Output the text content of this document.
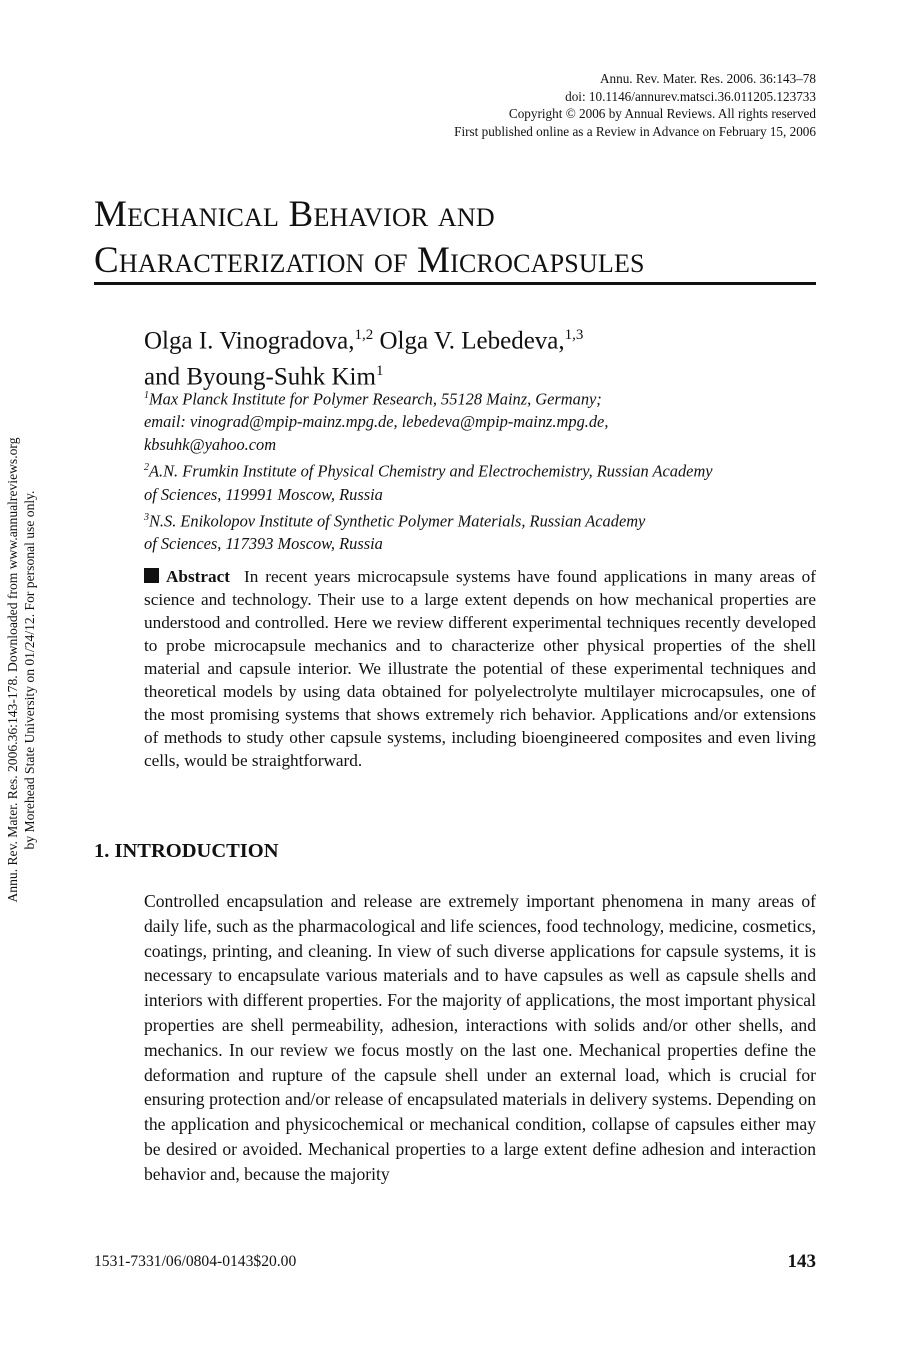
Annu. Rev. Mater. Res. 2006. 36:143–78
doi: 10.1146/annurev.matsci.36.011205.123733
Copyright © 2006 by Annual Reviews. All rights reserved
First published online as a Review in Advance on February 15, 2006
Mechanical Behavior and
Characterization of Microcapsules
Olga I. Vinogradova,$^{1,2}$ Olga V. Lebedeva,$^{1,3}$
and Byoung-Suhk Kim$^1$
$^1$Max Planck Institute for Polymer Research, 55128 Mainz, Germany;
email: vinograd@mpip-mainz.mpg.de, lebedeva@mpip-mainz.mpg.de,
kbsuhk@yahoo.com
$^2$A.N. Frumkin Institute of Physical Chemistry and Electrochemistry, Russian Academy
of Sciences, 119991 Moscow, Russia
$^3$N.S. Enikolopov Institute of Synthetic Polymer Materials, Russian Academy
of Sciences, 117393 Moscow, Russia

Abstract In recent years microcapsule systems have found applications in many areas of science and technology. Their use to a large extent depends on how mechanical properties are understood and controlled. Here we review different experimental techniques recently developed to probe microcapsule mechanics and to characterize other physical properties of the shell material and capsule interior. We illustrate the potential of these experimental techniques and theoretical models by using data obtained for polyelectrolyte multilayer microcapsules, one of the most promising systems that shows extremely rich behavior. Applications and/or extensions of methods to study other capsule systems, including bioengineered composites and even living cells, would be straightforward.

1. INTRODUCTION

Controlled encapsulation and release are extremely important phenomena in many areas of daily life, such as the pharmacological and life sciences, food technology, medicine, cosmetics, coatings, printing, and cleaning. In view of such diverse applications for capsule systems, it is necessary to encapsulate various materials and to have capsules as well as capsule shells and interiors with different properties. For the majority of applications, the most important physical properties are shell permeability, adhesion, interactions with solids and/or other shells, and mechanics. In our review we focus mostly on the last one. Mechanical properties define the deformation and rupture of the capsule shell under an external load, which is crucial for ensuring protection and/or release of encapsulated materials in delivery systems. Depending on the application and physicochemical or mechanical condition, collapse of capsules either may be desired or avoided. Mechanical properties to a large extent define adhesion and interaction behavior and, because the majority

1531-7331/06/0804-0143$20.00	143
Annu. Rev. Mater. Res. 2006.36:143-178. Downloaded from www.annualreviews.org by Morehead State University on 01/24/12. For personal use only.
